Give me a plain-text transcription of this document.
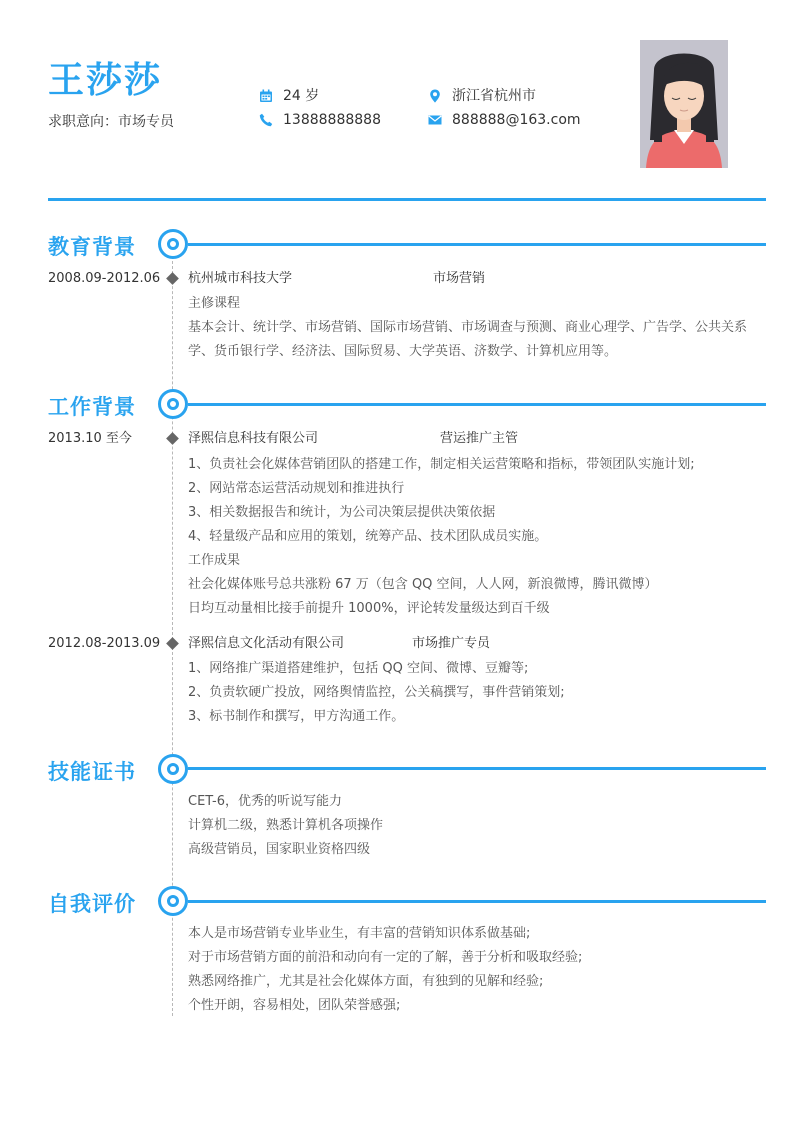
王莎莎
求职意向：市场专员
24 岁
13888888888
浙江省杭州市
888888@163.com
教育背景
2008.09-2012.06 杭州城市科技大学	市场营销
主修课程
基本会计、统计学、市场营销、国际市场营销、市场调查与预测、商业心理学、广告学、公共关系学、货币银行学、经济法、国际贸易、大学英语、济数学、计算机应用等。
工作背景
2013.10 至今	泽熙信息科技有限公司	营运推广主管
1、负责社会化媒体营销团队的搭建工作，制定相关运营策略和指标，带领团队实施计划;
2、网站常态运营活动规划和推进执行
3、相关数据报告和统计，为公司决策层提供决策依据
4、轻量级产品和应用的策划，统筹产品、技术团队成员实施。
工作成果
社会化媒体账号总共涨粉 67 万（包含 QQ 空间，人人网，新浪微博，腾讯微博）
日均互动量相比接手前提升 1000%，评论转发量级达到百千级
2012.08-2013.09 泽熙信息文化活动有限公司	市场推广专员
1、网络推广渠道搭建维护，包括 QQ 空间、微博、豆瓣等;
2、负责软硬广投放，网络舆情监控，公关稿撰写，事件营销策划;
3、标书制作和撰写，甲方沟通工作。
技能证书
CET-6，优秀的听说写能力
计算机二级，熟悉计算机各项操作
高级营销员，国家职业资格四级
自我评价
本人是市场营销专业毕业生，有丰富的营销知识体系做基础;
对于市场营销方面的前沿和动向有一定的了解，善于分析和吸取经验;
熟悉网络推广，尤其是社会化媒体方面，有独到的见解和经验;
个性开朗，容易相处，团队荣誉感强;
